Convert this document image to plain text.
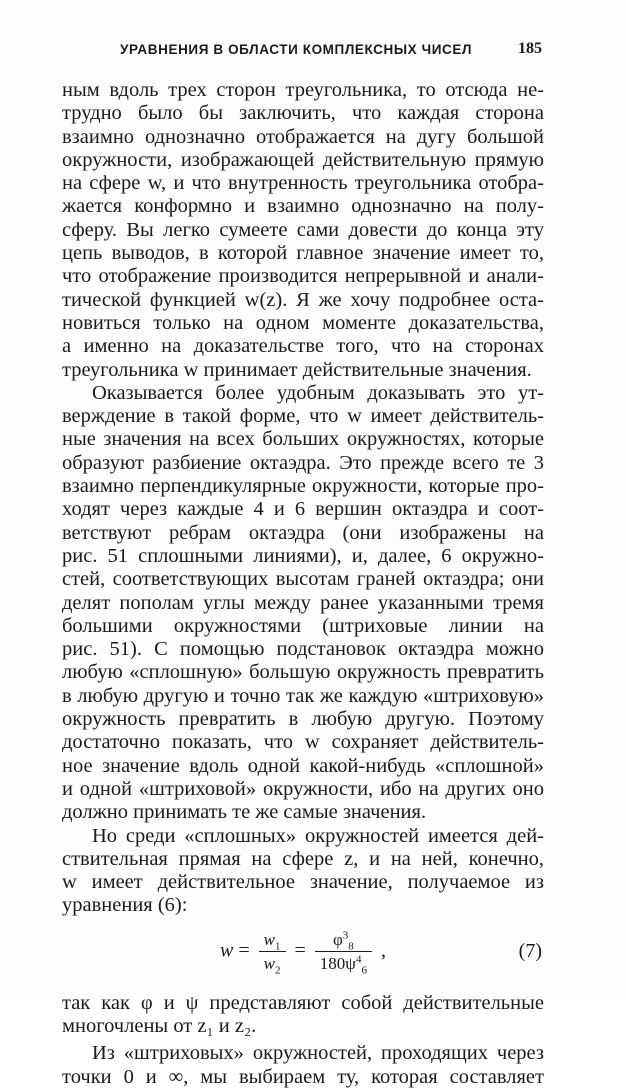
УРАВНЕНИЯ В ОБЛАСТИ КОМПЛЕКСНЫХ ЧИСЕЛ	185
ным вдоль трех сторон треугольника, то отсюда не-
трудно было бы заключить, что каждая сторона
взаимно однозначно отображается на дугу большой
окружности, изображающей действительную прямую
на сфере w, и что внутренность треугольника отобра-
жается конформно и взаимно однозначно на полу-
сферу. Вы легко сумеете сами довести до конца эту
цепь выводов, в которой главное значение имеет то,
что отображение производится непрерывной и анали-
тической функцией w(z). Я же хочу подробнее оста-
новиться только на одном моменте доказательства,
а именно на доказательстве того, что на сторонах
треугольника w принимает действительные значения.
Оказывается более удобным доказывать это ут-
верждение в такой форме, что w имеет действитель-
ные значения на всех больших окружностях, которые
образуют разбиение октаэдра. Это прежде всего те 3
взаимно перпендикулярные окружности, которые про-
ходят через каждые 4 и 6 вершин октаэдра и соот-
ветствуют ребрам октаэдра (они изображены на
рис. 51 сплошными линиями), и, далее, 6 окружно-
стей, соответствующих высотам граней октаэдра; они
делят пополам углы между ранее указанными тремя
большими окружностями (штриховые линии на
рис. 51). С помощью подстановок октаэдра можно
любую «сплошную» большую окружность превратить
в любую другую и точно так же каждую «штриховую»
окружность превратить в любую другую. Поэтому
достаточно показать, что w сохраняет действитель-
ное значение вдоль одной какой-нибудь «сплошной»
и одной «штриховой» окружности, ибо на других оно
должно принимать те же самые значения.
Но среди «сплошных» окружностей имеется дей-
ствительная прямая на сфере z, и на ней, конечно,
w имеет действительное значение, получаемое из
уравнения (6):
$w = \frac{w_1}{w_2} = \frac{\varphi^3_8}{180\psi^4_6}$ ,	(7)
так как φ и ψ представляют собой действительные
многочлены от z₁ и z₂.
Из «штриховых» окружностей, проходящих через
точки 0 и ∞, мы выбираем ту, которая составляет
